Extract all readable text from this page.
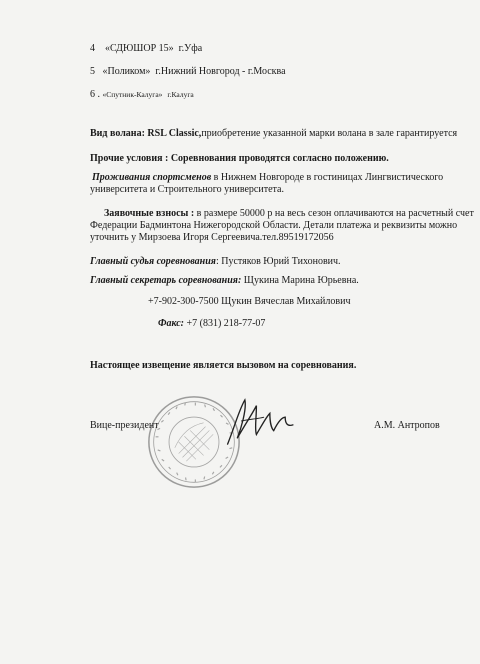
4 «СДЮШОР 15» г.Уфа
5 «Поликом» г.Нижний Новгород - г.Москва
6 . «Спутник-Калуга» г.Калуга
Вид волана: RSL Classic,приобретение указанной марки волана в зале гарантируется
Прочие условия : Соревнования проводятся согласно положению.
Проживания спортсменов в Нижнем Новгороде в гостиницах Лингвистического
университета и Строительного университета.
Заявочные взносы : в размере 50000 р на весь сезон оплачиваются на расчетный счет
Федерации Бадминтона Нижегородской Области. Детали платежа и реквизиты можно
уточнить у Мирзоева Игоря Сергеевича.тел.89519172056
Главный судья соревнования: Пустяков Юрий Тихонович.
Главный секретарь соревнования: Щукина Марина Юрьевна.
+7-902-300-7500 Щукин Вячеслав Михайлович
Факс: +7 (831) 218-77-07
Настоящее извещение является вызовом на соревнования.
Вице-президент	А.М. Антропов
